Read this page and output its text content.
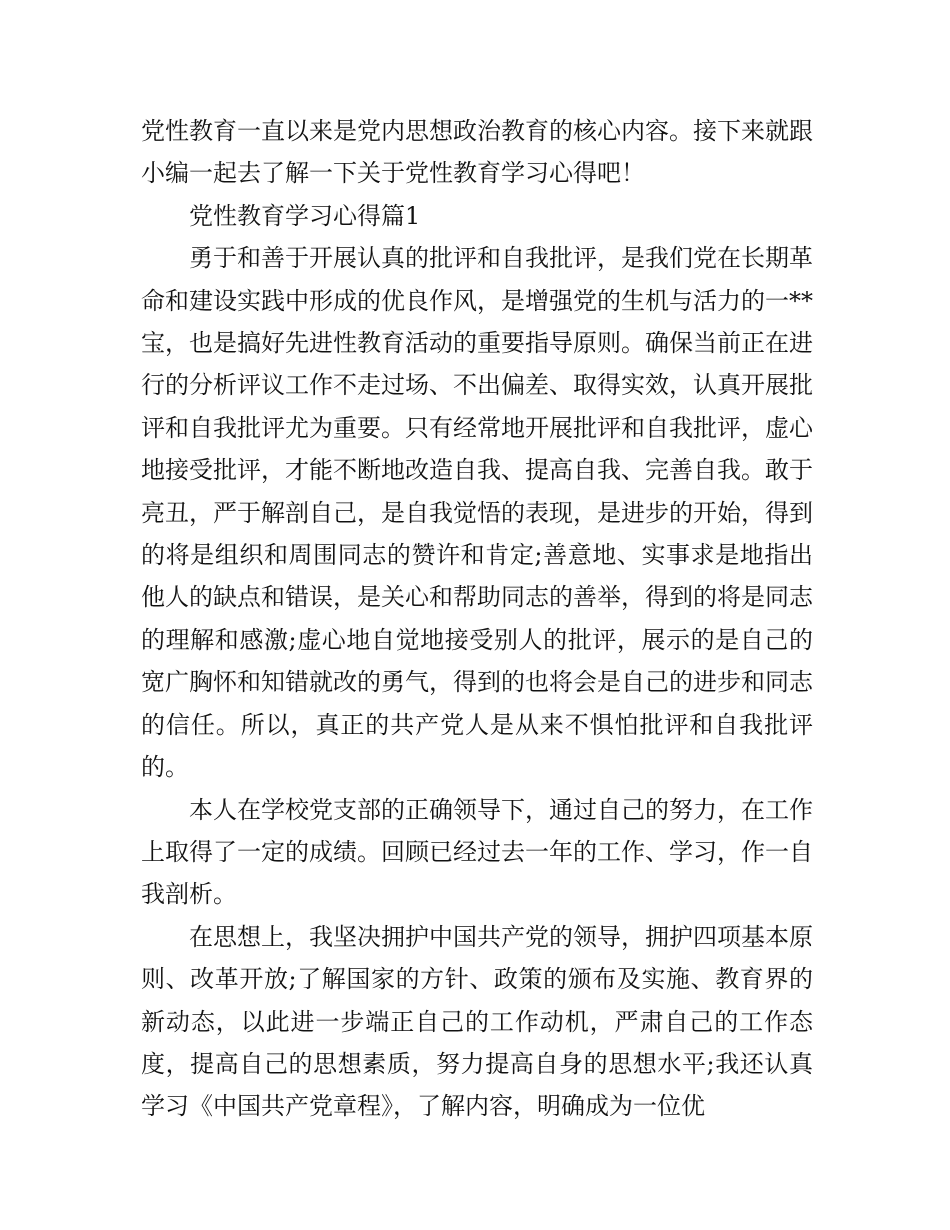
党性教育一直以来是党内思想政治教育的核心内容。接下来就跟小编一起去了解一下关于党性教育学习心得吧！

党性教育学习心得篇1

勇于和善于开展认真的批评和自我批评，是我们党在长期革命和建设实践中形成的优良作风，是增强党的生机与活力的一**宝，也是搞好先进性教育活动的重要指导原则。确保当前正在进行的分析评议工作不走过场、不出偏差、取得实效，认真开展批评和自我批评尤为重要。只有经常地开展批评和自我批评，虚心地接受批评，才能不断地改造自我、提高自我、完善自我。敢于亮丑，严于解剖自己，是自我觉悟的表现，是进步的开始，得到的将是组织和周围同志的赞许和肯定;善意地、实事求是地指出他人的缺点和错误，是关心和帮助同志的善举，得到的将是同志的理解和感激;虚心地自觉地接受别人的批评，展示的是自己的宽广胸怀和知错就改的勇气，得到的也将会是自己的进步和同志的信任。所以，真正的共产党人是从来不惧怕批评和自我批评的。

本人在学校党支部的正确领导下，通过自己的努力，在工作上取得了一定的成绩。回顾已经过去一年的工作、学习，作一自我剖析。

在思想上，我坚决拥护中国共产党的领导，拥护四项基本原则、改革开放;了解国家的方针、政策的颁布及实施、教育界的新动态，以此进一步端正自己的工作动机，严肃自己的工作态度，提高自己的思想素质，努力提高自身的思想水平;我还认真学习《中国共产党章程》，了解内容，明确成为一位优
